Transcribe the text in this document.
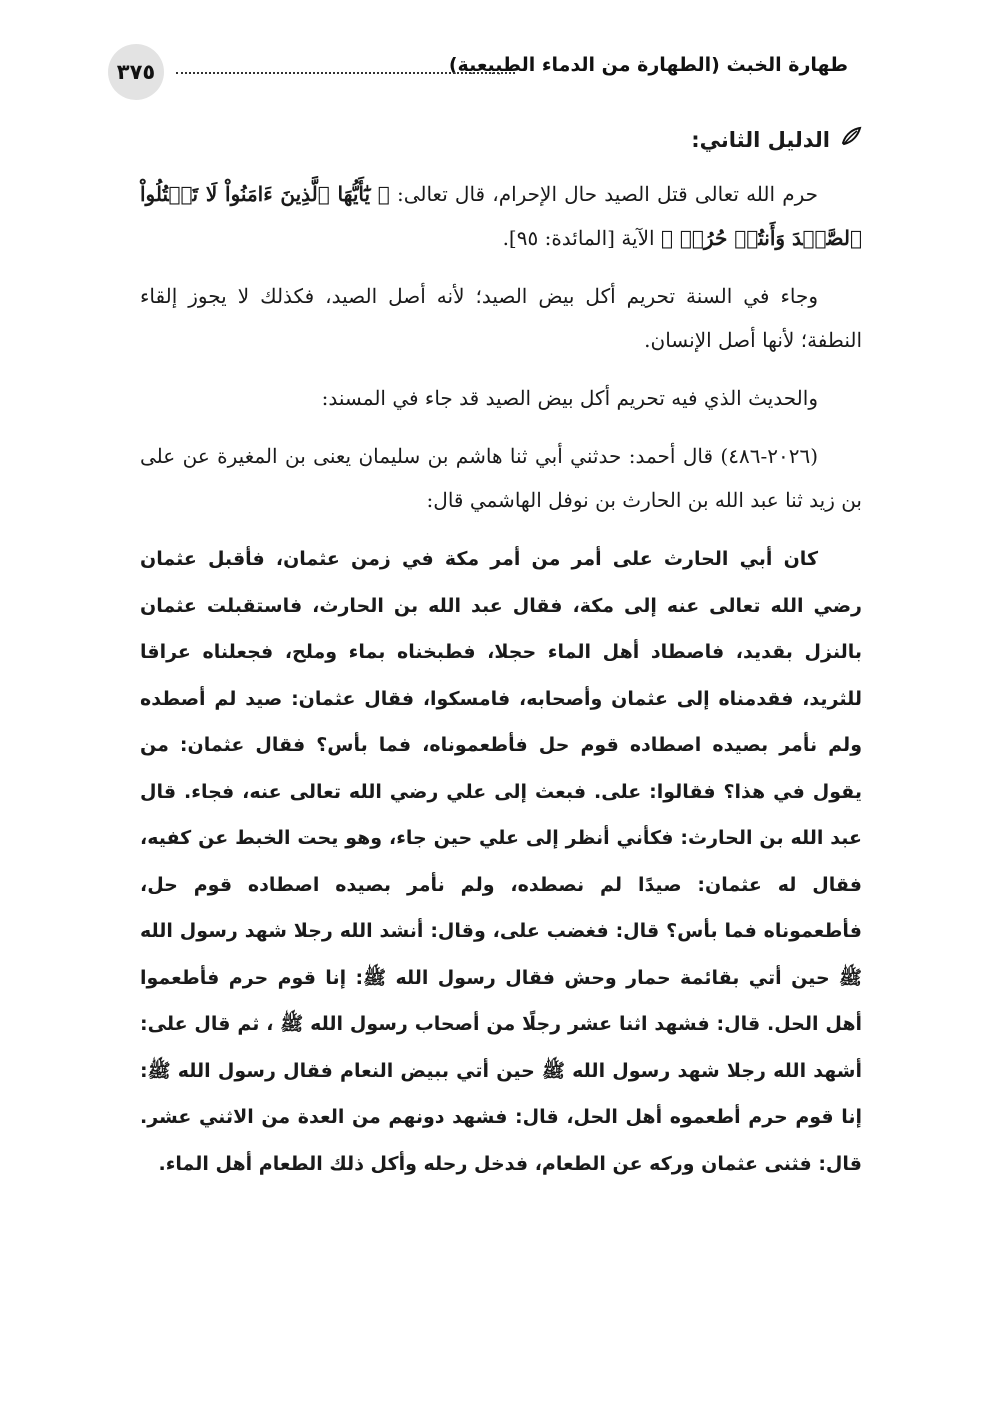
طهارة الخبث (الطهارة من الدماء الطبيعية)
٣٧٥
الدليل الثاني:

حرم الله تعالى قتل الصيد حال الإحرام، قال تعالى: ﴿ يَٰٓأَيُّهَا ٱلَّذِينَ ءَامَنُواْ لَا تَقۡتُلُواْ ٱلصَّيۡدَ وَأَنتُمۡ حُرُمٞ ﴾ الآية [المائدة: ٩٥].

وجاء في السنة تحريم أكل بيض الصيد؛ لأنه أصل الصيد، فكذلك لا يجوز إلقاء النطفة؛ لأنها أصل الإنسان.

والحديث الذي فيه تحريم أكل بيض الصيد قد جاء في المسند:

(٢٠٢٦-٤٨٦) قال أحمد: حدثني أبي ثنا هاشم بن سليمان يعنى بن المغيرة عن على بن زيد ثنا عبد الله بن الحارث بن نوفل الهاشمي قال:

كان أبي الحارث على أمر من أمر مكة في زمن عثمان، فأقبل عثمان رضي الله تعالى عنه إلى مكة، فقال عبد الله بن الحارث، فاستقبلت عثمان بالنزل بقديد، فاصطاد أهل الماء حجلا، فطبخناه بماء وملح، فجعلناه عراقا للثريد، فقدمناه إلى عثمان وأصحابه، فامسكوا، فقال عثمان: صيد لم أصطده ولم نأمر بصيده اصطاده قوم حل فأطعموناه، فما بأس؟ فقال عثمان: من يقول في هذا؟ فقالوا: على. فبعث إلى علي رضي الله تعالى عنه، فجاء. قال عبد الله بن الحارث: فكأني أنظر إلى علي حين جاء، وهو يحت الخبط عن كفيه، فقال له عثمان: صيدًا لم نصطده، ولم نأمر بصيده اصطاده قوم حل، فأطعموناه فما بأس؟ قال: فغضب على، وقال: أنشد الله رجلا شهد رسول الله ﷺ حين أتي بقائمة حمار وحش فقال رسول الله ﷺ: إنا قوم حرم فأطعموا أهل الحل. قال: فشهد اثنا عشر رجلًا من أصحاب رسول الله ﷺ ، ثم قال على: أشهد الله رجلا شهد رسول الله ﷺ حين أتي ببيض النعام فقال رسول الله ﷺ: إنا قوم حرم أطعموه أهل الحل، قال: فشهد دونهم من العدة من الاثني عشر. قال: فثنى عثمان وركه عن الطعام، فدخل رحله وأكل ذلك الطعام أهل الماء.
